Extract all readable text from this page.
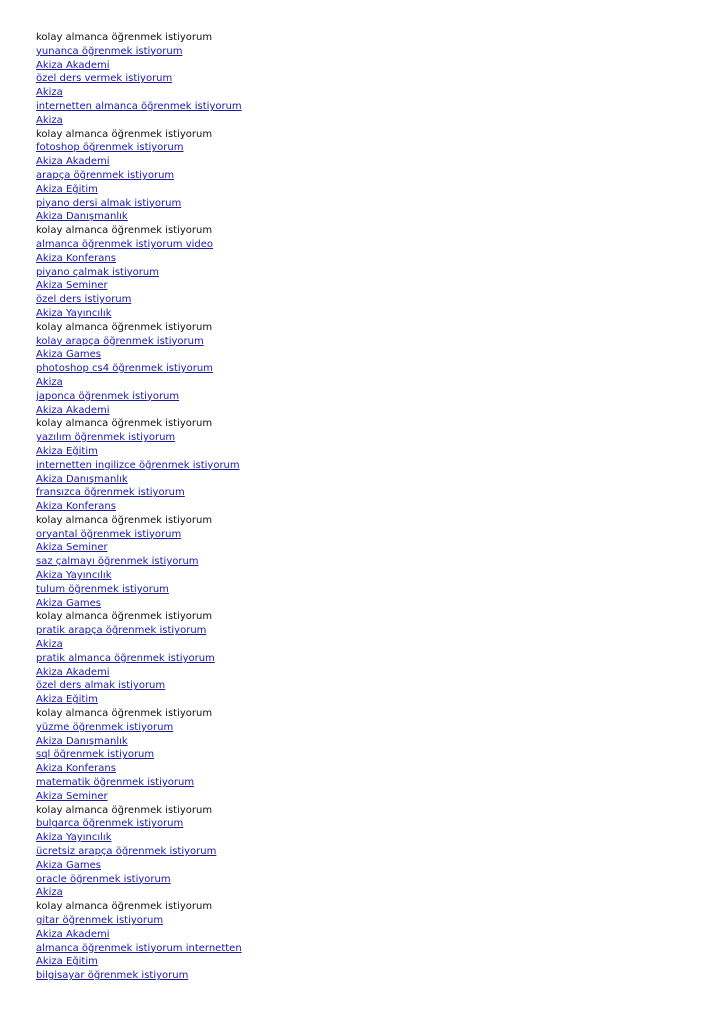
kolay almanca öğrenmek istiyorum
yunanca öğrenmek istiyorum
Akiza Akademi
özel ders vermek istiyorum
Akiza
internetten almanca öğrenmek istiyorum
Akiza
kolay almanca öğrenmek istiyorum
fotoshop öğrenmek istiyorum
Akiza Akademi
arapça öğrenmek istiyorum
Akiza Eğitim
piyano dersi almak istiyorum
Akiza Danışmanlık
kolay almanca öğrenmek istiyorum
almanca öğrenmek istiyorum video
Akiza Konferans
piyano çalmak istiyorum
Akiza Seminer
özel ders istiyorum
Akiza Yayıncılık
kolay almanca öğrenmek istiyorum
kolay arapça öğrenmek istiyorum
Akiza Games
photoshop cs4 öğrenmek istiyorum
Akiza
japonca öğrenmek istiyorum
Akiza Akademi
kolay almanca öğrenmek istiyorum
yazılım öğrenmek istiyorum
Akiza Eğitim
internetten ingilizce öğrenmek istiyorum
Akiza Danışmanlık
fransızca öğrenmek istiyorum
Akiza Konferans
kolay almanca öğrenmek istiyorum
oryantal öğrenmek istiyorum
Akiza Seminer
saz çalmayı öğrenmek istiyorum
Akiza Yayıncılık
tulum öğrenmek istiyorum
Akiza Games
kolay almanca öğrenmek istiyorum
pratik arapça öğrenmek istiyorum
Akiza
pratik almanca öğrenmek istiyorum
Akiza Akademi
özel ders almak istiyorum
Akiza Eğitim
kolay almanca öğrenmek istiyorum
yüzme öğrenmek istiyorum
Akiza Danışmanlık
sql öğrenmek istiyorum
Akiza Konferans
matematik öğrenmek istiyorum
Akiza Seminer
kolay almanca öğrenmek istiyorum
bulgarca öğrenmek istiyorum
Akiza Yayıncılık
ücretsiz arapça öğrenmek istiyorum
Akiza Games
oracle öğrenmek istiyorum
Akiza
kolay almanca öğrenmek istiyorum
gitar öğrenmek istiyorum
Akiza Akademi
almanca öğrenmek istiyorum internetten
Akiza Eğitim
bilgisayar öğrenmek istiyorum
